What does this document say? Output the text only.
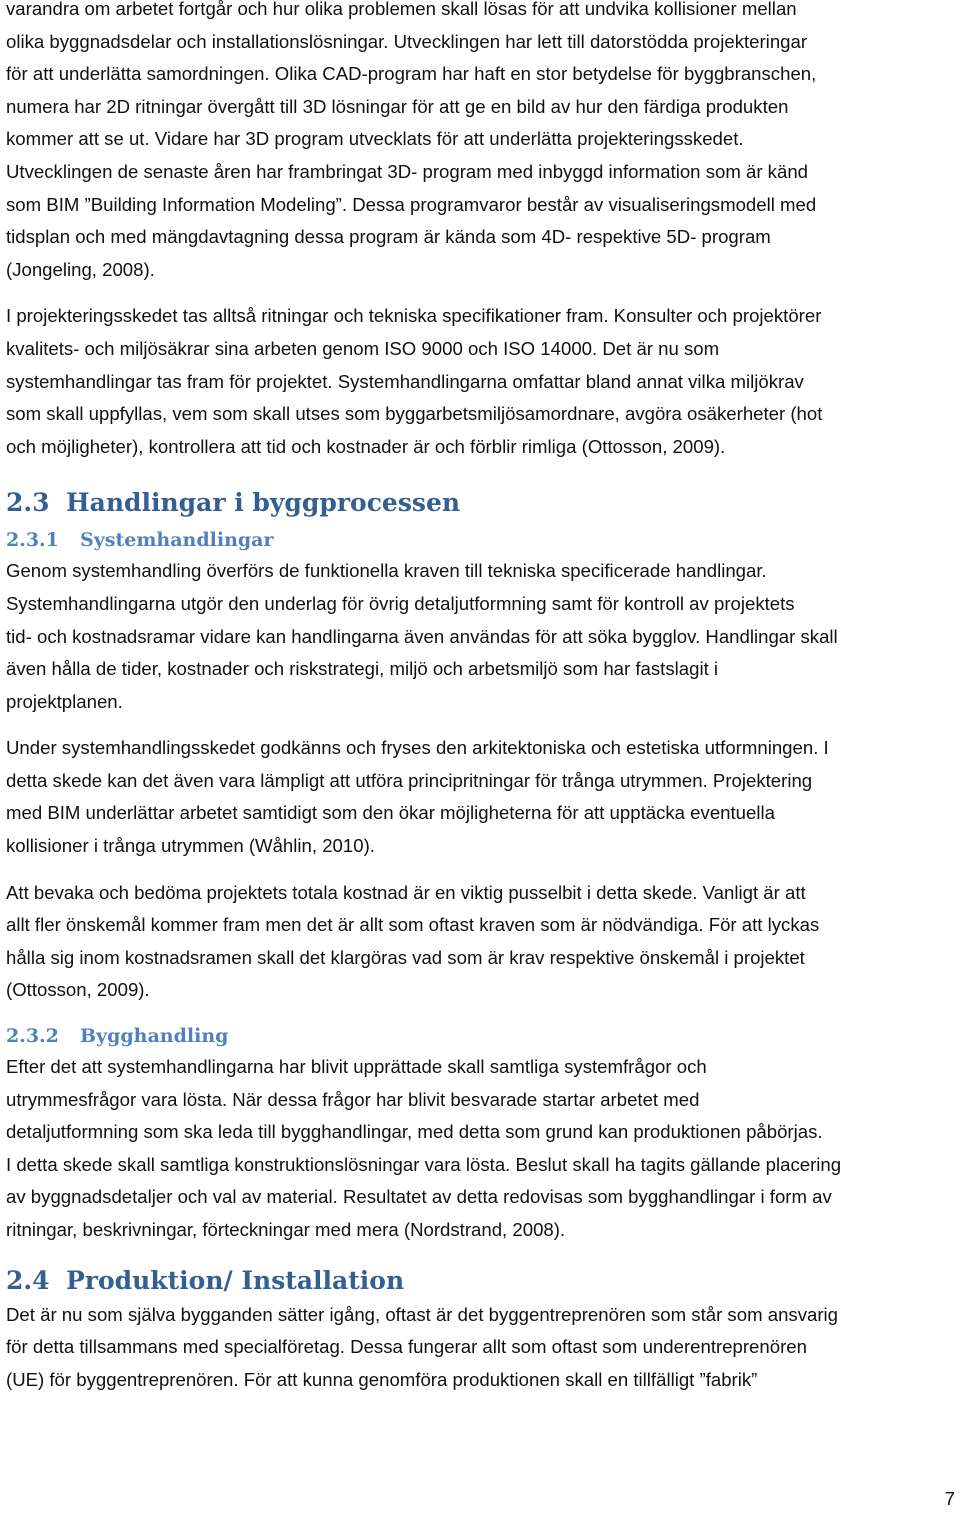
varandra om arbetet fortgår och hur olika problemen skall lösas för att undvika kollisioner mellan
olika byggnadsdelar och installationslösningar. Utvecklingen har lett till datorstödda projekteringar
för att underlätta samordningen. Olika CAD-program har haft en stor betydelse för byggbranschen,
numera har 2D ritningar övergått till 3D lösningar för att ge en bild av hur den färdiga produkten
kommer att se ut. Vidare har 3D program utvecklats för att underlätta projekteringsskedet.
Utvecklingen de senaste åren har frambringat 3D- program med inbyggd information som är känd
som BIM ”Building Information Modeling”. Dessa programvaror består av visualiseringsmodell med
tidsplan och med mängdavtagning dessa program är kända som 4D- respektive 5D- program
(Jongeling, 2008).

I projekteringsskedet tas alltså ritningar och tekniska specifikationer fram. Konsulter och projektörer
kvalitets- och miljösäkrar sina arbeten genom ISO 9000 och ISO 14000. Det är nu som
systemhandlingar tas fram för projektet. Systemhandlingarna omfattar bland annat vilka miljökrav
som skall uppfyllas, vem som skall utses som byggarbetsmiljösamordnare, avgöra osäkerheter (hot
och möjligheter), kontrollera att tid och kostnader är och förblir rimliga (Ottosson, 2009).

2.3 Handlingar i byggprocessen
2.3.1 Systemhandlingar

Genom systemhandling överförs de funktionella kraven till tekniska specificerade handlingar.
Systemhandlingarna utgör den underlag för övrig detaljutformning samt för kontroll av projektets
tid- och kostnadsramar vidare kan handlingarna även användas för att söka bygglov. Handlingar skall
även hålla de tider, kostnader och riskstrategi, miljö och arbetsmiljö som har fastslagit i
projektplanen.

Under systemhandlingsskedet godkänns och fryses den arkitektoniska och estetiska utformningen. I
detta skede kan det även vara lämpligt att utföra principritningar för trånga utrymmen. Projektering
med BIM underlättar arbetet samtidigt som den ökar möjligheterna för att upptäcka eventuella
kollisioner i trånga utrymmen (Wåhlin, 2010).

Att bevaka och bedöma projektets totala kostnad är en viktig pusselbit i detta skede. Vanligt är att
allt fler önskemål kommer fram men det är allt som oftast kraven som är nödvändiga. För att lyckas
hålla sig inom kostnadsramen skall det klargöras vad som är krav respektive önskemål i projektet
(Ottosson, 2009).

2.3.2 Bygghandling

Efter det att systemhandlingarna har blivit upprättade skall samtliga systemfrågor och
utrymmesfrågor vara lösta. När dessa frågor har blivit besvarade startar arbetet med
detaljutformning som ska leda till bygghandlingar, med detta som grund kan produktionen påbörjas.
I detta skede skall samtliga konstruktionslösningar vara lösta. Beslut skall ha tagits gällande placering
av byggnadsdetaljer och val av material. Resultatet av detta redovisas som bygghandlingar i form av
ritningar, beskrivningar, förteckningar med mera (Nordstrand, 2008).

2.4 Produktion/ Installation

Det är nu som själva bygganden sätter igång, oftast är det byggentreprenören som står som ansvarig
för detta tillsammans med specialföretag. Dessa fungerar allt som oftast som underentreprenören
(UE) för byggentreprenören. För att kunna genomföra produktionen skall en tillfälligt ”fabrik”

7
